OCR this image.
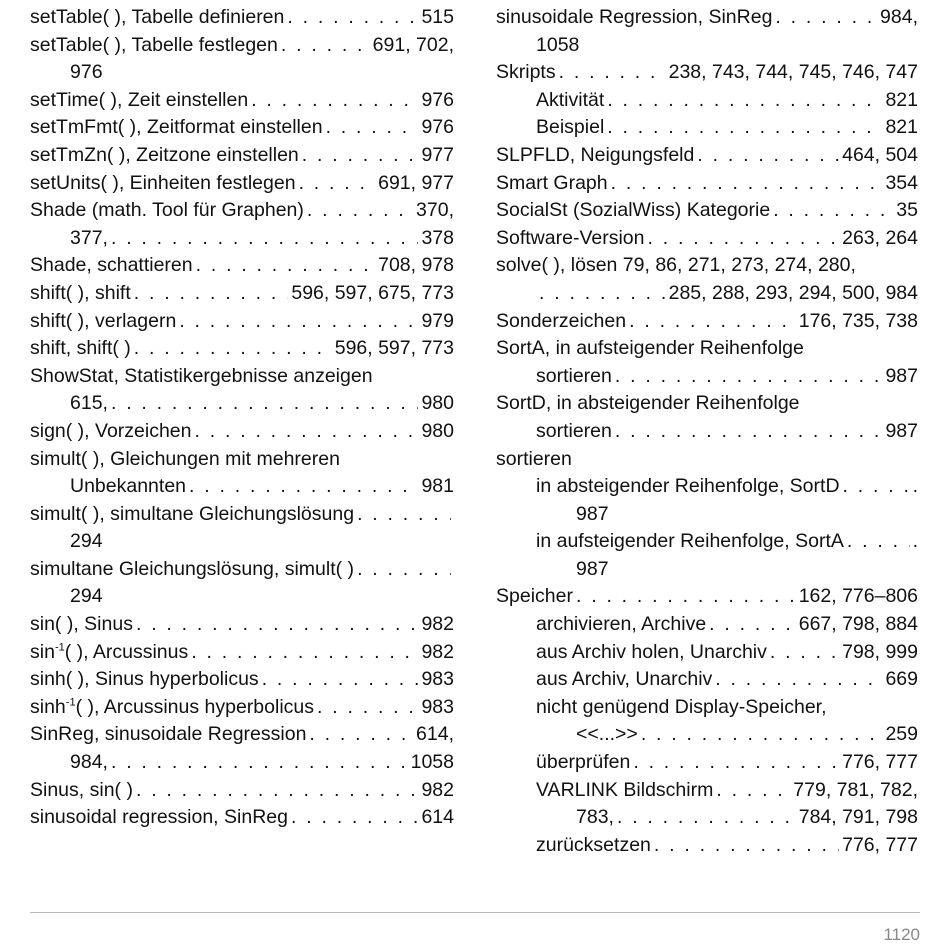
setTable( ), Tabelle definieren . . .	515
setTable( ), Tabelle festlegen . . .	691, 702,
976
setTime( ), Zeit einstellen . . .	976
setTmFmt( ), Zeitformat einstellen . . .	976
setTmZn( ), Zeitzone einstellen . . .	977
setUnits( ), Einheiten festlegen . . .	691, 977
Shade (math. Tool für Graphen) . . .	370,
377, . . .	378
Shade, schattieren . . .	708, 978
shift( ), shift . . .	596, 597, 675, 773
shift( ), verlagern . . .	979
shift, shift( ) . . .	596, 597, 773
ShowStat, Statistikergebnisse anzeigen
615, . . .	980
sign( ), Vorzeichen . . .	980
simult( ), Gleichungen mit mehreren
Unbekannten . . .	981
simult( ), simultane Gleichungslösung
. . .
294
simultane Gleichungslösung, simult( )
. . .
294
sin( ), Sinus . . .	982
$\sin^{-1}$( ), Arcussinus . . .	982
sinh( ), Sinus hyperbolicus . . .	983
$\sinh^{-1}$( ), Arcussinus hyperbolicus . . .	983
SinReg, sinusoidale Regression . . .	614,
984, . . .	1058
Sinus, sin( ) . . .	982
sinusoidal regression, SinReg . . .	614
sinusoidale Regression, SinReg . . .	984,
1058
Skripts . . .	238, 743, 744, 745, 746, 747
Aktivität . . .	821
Beispiel . . .	821
SLPFLD, Neigungsfeld . . .	464, 504
Smart Graph . . .	354
SocialSt (SozialWiss) Kategorie . . .	35
Software-Version . . .	263, 264
solve( ), lösen 79, 86, 271, 273, 274, 280,
. . .
285, 288, 293, 294, 500, 984
Sonderzeichen . . .	176, 735, 738
SortA, in aufsteigender Reihenfolge
sortieren . . .	987
SortD, in absteigender Reihenfolge
sortieren . . .	987
sortieren
in absteigender Reihenfolge, SortD . . .	.
987
in aufsteigender Reihenfolge, SortA . . .	.
987
Speicher . . .	162, 776–806
archivieren, Archive . . .	667, 798, 884
aus Archiv holen, Unarchiv . . .	798, 999
aus Archiv, Unarchiv . . .	669
nicht genügend Display-Speicher,
<<...>> . . .	259
überprüfen . . .	776, 777
VARLINK Bildschirm . . .	779, 781, 782,
783, . . .	784, 791, 798
zurücksetzen . . .	776, 777
1120
